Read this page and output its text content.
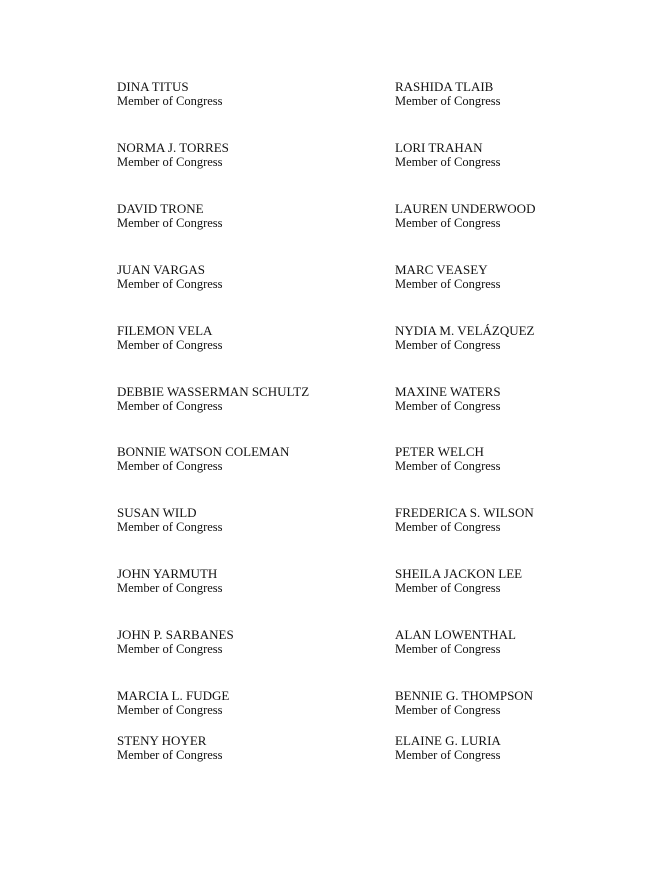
DINA TITUS
Member of Congress
RASHIDA TLAIB
Member of Congress
NORMA J. TORRES
Member of Congress
LORI TRAHAN
Member of Congress
DAVID TRONE
Member of Congress
LAUREN UNDERWOOD
Member of Congress
JUAN VARGAS
Member of Congress
MARC VEASEY
Member of Congress
FILEMON VELA
Member of Congress
NYDIA M. VELÁZQUEZ
Member of Congress
DEBBIE WASSERMAN SCHULTZ
Member of Congress
MAXINE WATERS
Member of Congress
BONNIE WATSON COLEMAN
Member of Congress
PETER WELCH
Member of Congress
SUSAN WILD
Member of Congress
FREDERICA S. WILSON
Member of Congress
JOHN YARMUTH
Member of Congress
SHEILA JACKON LEE
Member of Congress
JOHN P. SARBANES
Member of Congress
ALAN LOWENTHAL
Member of Congress
MARCIA L. FUDGE
Member of Congress
BENNIE G. THOMPSON
Member of Congress
STENY HOYER
Member of Congress
ELAINE G. LURIA
Member of Congress
